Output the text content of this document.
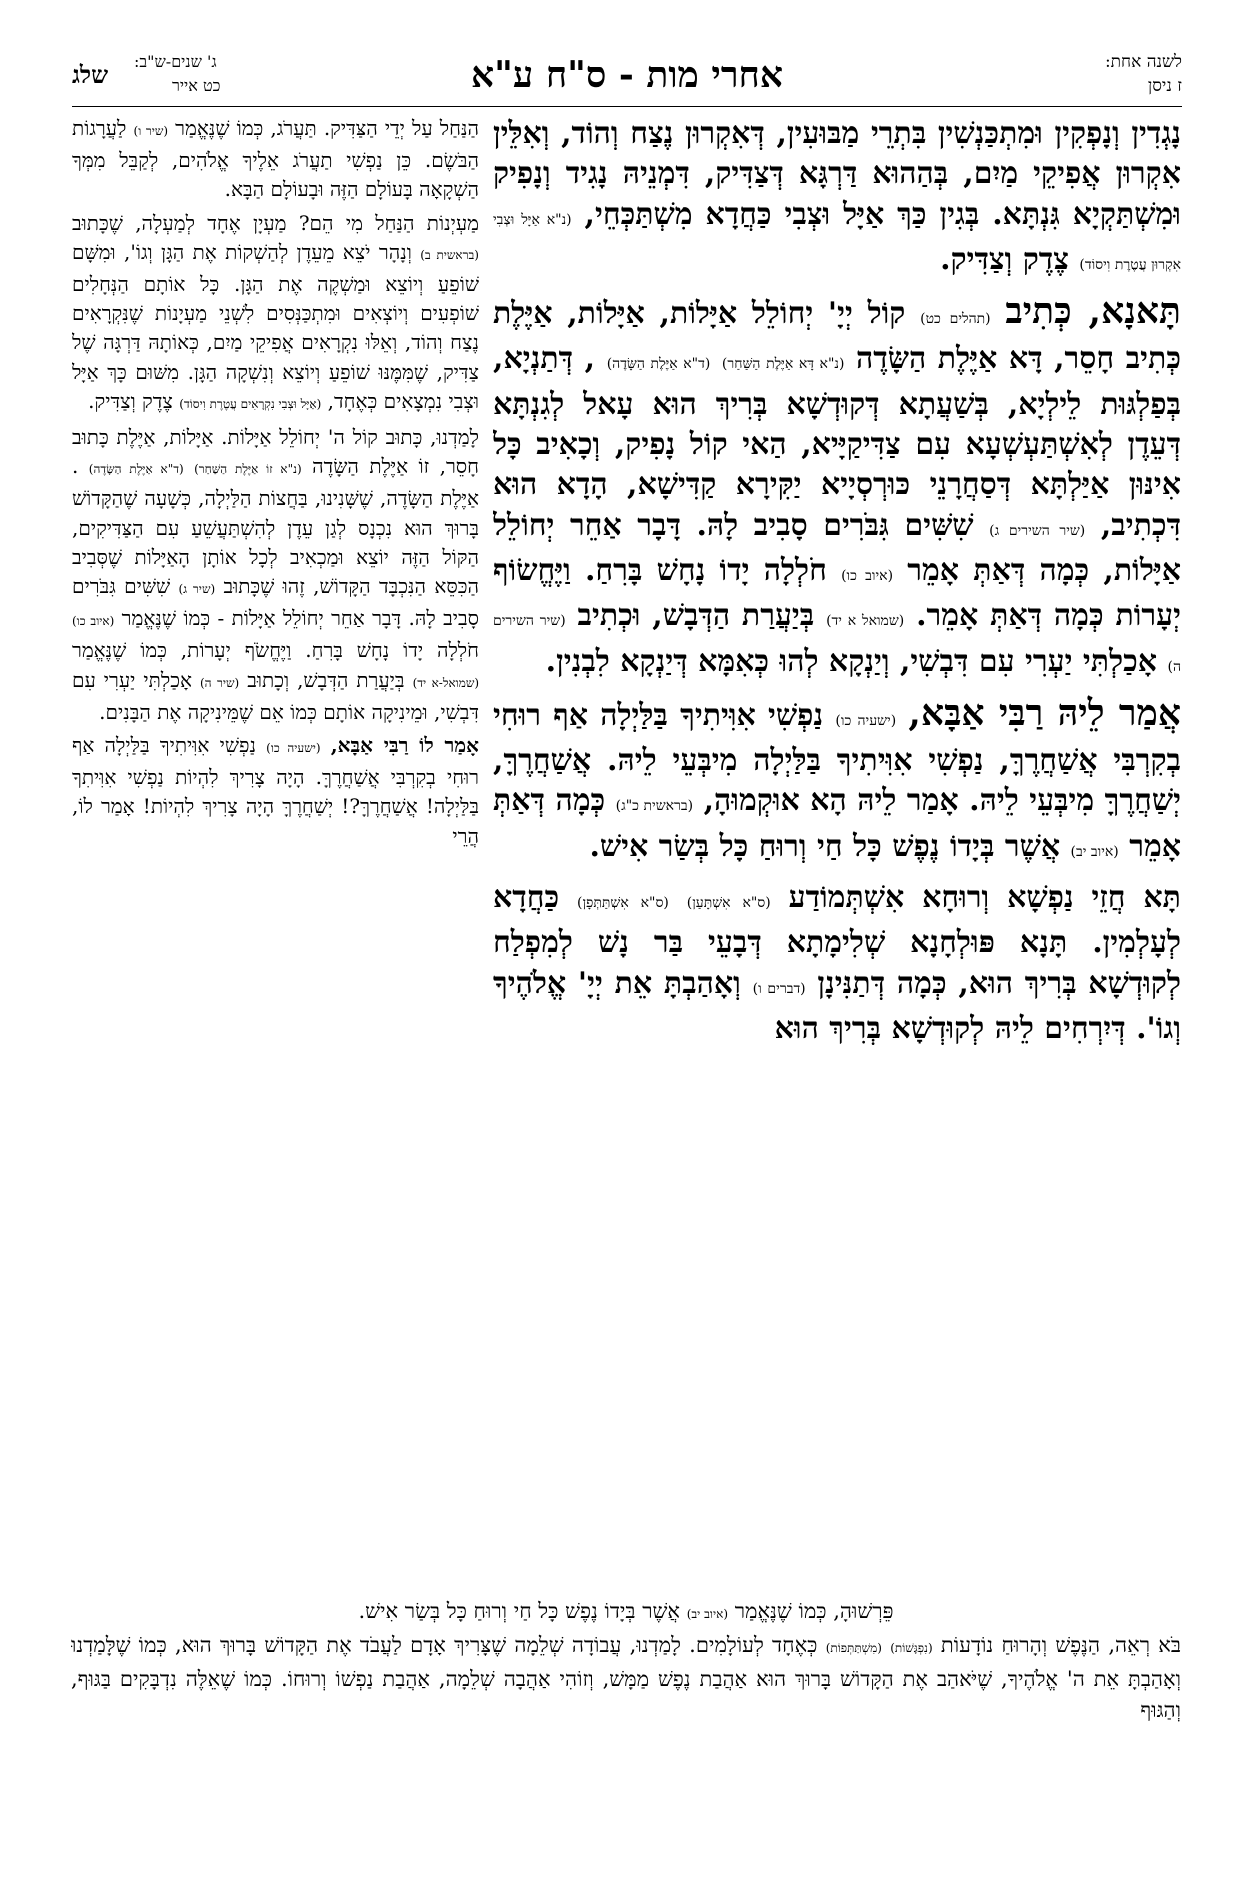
לשנה אחת:
ז ניסן
אחרי מות - ס"ח ע"א
ג' שנים-ש"ב:
כט אייר
שלג

נָגְדִין וְנָפְקִין וּמִתְכַּנְשִׁין בִּתְרֵי מַבּוּעִין, דְּאִקְרוּן נֶצַח וְהוֹד, וְאִלֵּין אִקְרוּן אֲפִיקֵי מַיִם, בְּהַהוּא דַּרְגָּא דְּצַדִּיק, דִּמְנֵיהּ נָגִיד וְנָפִיק וּמִשְׁתַּקְיָא גִּנְתָּא. בְּגִין כַּךְ אַיָּל וּצְבִי כַּחֲדָא מִשְׁתַּכְּחֵי, (נ"א אַיָּל וּצְבִי אִקְרוּן עֲטֶרֶת וִיסוֹד) צֶדֶק וְצַדִּיק.

תָּאנָא, כְּתִיב (תהלים כט) קוֹל יְיָ' יְחוֹלֵל אַיָּלוֹת, אַיָּלוֹת, אַיֶּלֶת כְּתִיב חָסֵר, דָּא אַיֶּלֶת הַשָּׂדֶה (נ"א דָּא אַיֶּלֶת הַשַּׁחַר) (ד"א אַיֶּלֶת הַשָּׂדֶה) , דְּתַנְיָא, בְּפַלְגּוּת לֵילְיָא, בְּשַׁעֲתָא דְּקוּדְשָׁא בְּרִיךְ הוּא עָאל לְגִנְתָּא דְּעֵדֶן לְאִשְׁתַּעְשְׁעָא עִם צַדִּיקַיָּיא, הַאי קוֹל נָפִיק, וְכָאִיב כָּל אִינּוּן אַיַּלְתָּא דְּסַחֲרָנֵי כּוּרְסְיָיא יַקִּירָא קַדִּישָׁא, הָדָא הוּא דִּכְתִיב, (שיר השירים ג) שִׁשִּׁים גִּבֹּרִים סָבִיב לָהּ. דָּבָר אַחֵר יְחוֹלֵל אַיָּלוֹת, כְּמָה דְּאַתְּ אָמֵר (איוב כו) חֹלְלָה יָדוֹ נָחָשׁ בָּרִחַ. וַיֶּחֱשׂוֹף יְעָרוֹת כְּמָה דְּאַתְּ אָמֵר. (שמואל א יד) בְּיַעֲרַת הַדְּבָשׁ, וּכְתִיב (שיר השירים ה) אָכַלְתִּי יַעְרִי עִם דִּבְשִׁי, וְיַנְקָא לְהוּ כְּאִמָּא דְּיַנְקָא לִבְנִין.

אֲמַר לֵיהּ רַבִּי אַבָּא, (ישעיה כו) נַפְשִׁי אִוִּיתִיךָ בַּלַּיְלָה אַף רוּחִי בְקִרְבִּי אֲשַׁחֲרֶךָּ, נַפְשִׁי אִוִּיתִיךָ בַּלַּיְלָה מִיבְּעֵי לֵיהּ. אֲשַׁחֲרֶךָּ, יְשַׁחֲרֶךָּ מִיבְּעֵי לֵיהּ. אָמַר לֵיהּ הָא אוּקְמוּהָ, (בראשית כ"ג) כְּמָה דְּאַתְּ אָמֵר (איוב יב) אֲשֶׁר בְּיָדוֹ נֶפֶשׁ כָּל חַי וְרוּחַ כָּל בְּשַׂר אִישׁ.

תָּא חֲזֵי נַפְשָׁא וְרוּחָא אִשְׁתְּמוֹדַע (ס"א אִשְׁתָּעַן) (ס"א אִשְׁתַּתְּפָן) כַּחֲדָא לְעָלְמִין. תָּנָא פּוּלְחָנָא שְׁלִימָתָא דְּבָעֵי בַּר נָשׁ לְמִפְלַח לְקוּדְשָׁא בְּרִיךְ הוּא, כְּמָה דְּתַנִּינָן (דברים ו) וְאָהַבְתָּ אֵת יְיָ' אֱלֹהֶיךָ וְגוֹ'. דְּיִרְחִים לֵיהּ לְקוּדְשָׁא בְּרִיךְ הוּא

הַנַּחַל עַל יְדֵי הַצַּדִּיק. תַּעֲרֹג, כְּמוֹ שֶׁנֶּאֱמַר (שיר ו) לַעֲרָגוֹת הַבֹּשֶׂם. כֵּן נַפְשִׁי תַעֲרֹג אֵלֶיךָ אֱלֹהִים, לְקַבֵּל מִמְּךָ הַשְׁקָאָה בָּעוֹלָם הַזֶּה וּבָעוֹלָם הַבָּא.

מַעְיְנוֹת הַנַּחַל מִי הֵם? מַעְיָן אֶחָד לְמַעְלָה, שֶׁכָּתוּב (בראשית ב) וְנָהָר יֹצֵא מֵעֵדֶן לְהַשְׁקוֹת אֶת הַגָּן וְגוֹ', וּמִשָּׁם שׁוֹפֵעַ וְיוֹצֵא וּמַשְׁקֶה אֶת הַגָּן. כָּל אוֹתָם הַנְּחָלִים שׁוֹפְעִים וְיוֹצְאִים וּמִתְכַּנְּסִים לִשְׁנֵי מַעְיָנוֹת שֶׁנִּקְרָאִים נֶצַח וְהוֹד, וְאֵלּוּ נִקְרָאִים אֲפִיקֵי מַיִם, כְּאוֹתָהּ דַּרְגָּה שֶׁל צַדִּיק, שֶׁמִּמֶּנּוּ שׁוֹפֵעַ וְיוֹצֵא וְנִשְׁקָה הַגָּן. מִשּׁוּם כָּךְ אַיָּל וּצְבִי נִמְצָאִים כְּאֶחָד, (אַיָּל וּצְבִי נִקְרָאִים עֲטֶרֶת וִיסוֹד) צֶדֶק וְצַדִּיק.

לָמַדְנוּ, כָּתוּב קוֹל ה' יְחוֹלֵל אַיָּלוֹת. אַיָּלוֹת, אַיֶּלֶת כָּתוּב חָסֵר, זוֹ אַיֶּלֶת הַשָּׂדֶה (נ"א זוֹ אַיֶּלֶת הַשַּׁחַר) (ד"א אַיֶּלֶת הַשָּׂדֶה) . אַיֶּלֶת הַשָּׂדֶה, שֶׁשָּׁנִינוּ, בַּחֲצוֹת הַלַּיְלָה, כְּשָׁעָה שֶׁהַקָּדוֹשׁ בָּרוּךְ הוּא נִכְנָס לְגַן עֵדֶן לְהִשְׁתַּעֲשֵׁעַ עִם הַצַּדִּיקִים, הַקּוֹל הַזֶּה יוֹצֵא וּמַכְאִיב לְכָל אוֹתָן הָאַיָּלוֹת שֶׁסְּבִיב הַכִּסֵּא הַנִּכְבָּד הַקָּדוֹשׁ, זֶהוּ שֶׁכָּתוּב (שיר ג) שִׁשִּׁים גִּבֹּרִים סָבִיב לָהּ. דָּבָר אַחֵר יְחוֹלֵל אַיָּלוֹת - כְּמוֹ שֶׁנֶּאֱמַר (איוב כו) חֹלְלָה יָדוֹ נָחָשׁ בָּרִחַ. וַיֶּחֱשֹׂף יְעָרוֹת, כְּמוֹ שֶׁנֶּאֱמַר (שמואל-א יד) בְּיַעֲרַת הַדְּבָשׁ, וְכָתוּב (שיר ה) אָכַלְתִּי יַעְרִי עִם דִּבְשִׁי, וּמֵינִיקָה אוֹתָם כְּמוֹ אֵם שֶׁמֵּינִיקָה אֶת הַבָּנִים.

אָמַר לוֹ רַבִּי אַבָּא, (ישעיה כו) נַפְשִׁי אִוִּיתִיךָ בַּלַּיְלָה אַף רוּחִי בְקִרְבִּי אֲשַׁחֲרֶךָּ. הָיָה צָרִיךְ לִהְיוֹת נַפְשִׁי אִוִּיתִךָ בַּלַּיְלָה! אֲשַׁחֲרֶךָּ?! יְשַׁחֲרֶךָּ הָיָה צָרִיךְ לִהְיוֹת! אָמַר לוֹ, הֲרֵי

פֵּרְשׁוּהָ, כְּמוֹ שֶׁנֶּאֱמַר (איוב יב) אֲשֶׁר בְּיָדוֹ נֶפֶשׁ כָּל חַי וְרוּחַ כָּל בְּשַׂר אִישׁ.

בֹּא רְאֵה, הַנֶּפֶשׁ וְהָרוּחַ נוֹדָעוֹת (נִפְגָּשׁוֹת) (מִשְׁתַּתְּפוֹת) כְּאֶחָד לְעוֹלָמִים. לָמַדְנוּ, עֲבוֹדָה שְׁלֵמָה שֶׁצָּרִיךְ אָדָם לַעֲבֹד אֶת הַקָּדוֹשׁ בָּרוּךְ הוּא, כְּמוֹ שֶׁלָּמַדְנוּ וְאָהַבְתָּ אֵת ה' אֱלֹהֶיךָ, שֶׁיֹּאהַב אֶת הַקָּדוֹשׁ בָּרוּךְ הוּא אַהֲבַת נֶפֶשׁ מַמָּשׁ, וְזוֹהִי אַהֲבָה שְׁלֵמָה, אַהֲבַת נַפְשׁוֹ וְרוּחוֹ. כְּמוֹ שֶׁאֵלֶּה נִדְבָּקִים בַּגּוּף, וְהַגּוּף
